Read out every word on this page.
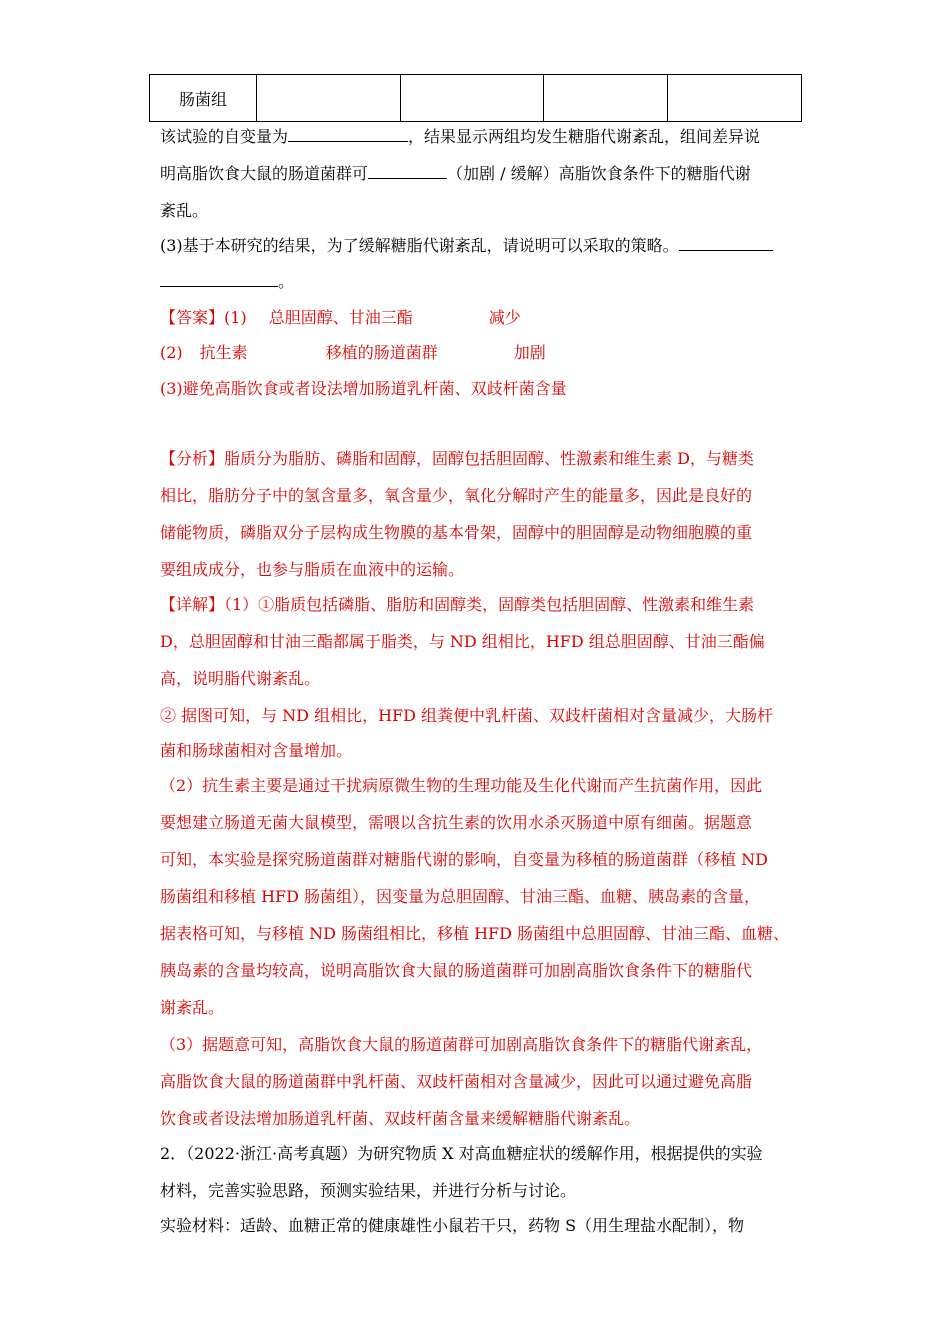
肠菌组				
该试验的自变量为	，结果显示两组均发生糖脂代谢紊乱，组间差异说
明高脂饮食大鼠的肠道菌群可	（加剧 / 缓解）高脂饮食条件下的糖脂代谢
紊乱。
(3)基于本研究的结果，为了缓解糖脂代谢紊乱，请说明可以采取的策略。
。
【答案】(1) 总胆固醇、甘油三酯	减少
(2) 抗生素	移植的肠道菌群	加剧
(3)避免高脂饮食或者设法增加肠道乳杆菌、双歧杆菌含量
【分析】脂质分为脂肪、磷脂和固醇，固醇包括胆固醇、性激素和维生素 D，与糖类
相比，脂肪分子中的氢含量多，氧含量少，氧化分解时产生的能量多，因此是良好的
储能物质，磷脂双分子层构成生物膜的基本骨架，固醇中的胆固醇是动物细胞膜的重
要组成成分，也参与脂质在血液中的运输。
【详解】（1）①脂质包括磷脂、脂肪和固醇类，固醇类包括胆固醇、性激素和维生素
D，总胆固醇和甘油三酯都属于脂类，与 ND 组相比，HFD 组总胆固醇、甘油三酯偏
高，说明脂代谢紊乱。
② 据图可知，与 ND 组相比，HFD 组粪便中乳杆菌、双歧杆菌相对含量减少，大肠杆
菌和肠球菌相对含量增加。
（2）抗生素主要是通过干扰病原微生物的生理功能及生化代谢而产生抗菌作用，因此
要想建立肠道无菌大鼠模型，需喂以含抗生素的饮用水杀灭肠道中原有细菌。据题意
可知，本实验是探究肠道菌群对糖脂代谢的影响，自变量为移植的肠道菌群（移植 ND
肠菌组和移植 HFD 肠菌组），因变量为总胆固醇、甘油三酯、血糖、胰岛素的含量，
据表格可知，与移植 ND 肠菌组相比，移植 HFD 肠菌组中总胆固醇、甘油三酯、血糖、
胰岛素的含量均较高，说明高脂饮食大鼠的肠道菌群可加剧高脂饮食条件下的糖脂代
谢紊乱。
（3）据题意可知，高脂饮食大鼠的肠道菌群可加剧高脂饮食条件下的糖脂代谢紊乱，
高脂饮食大鼠的肠道菌群中乳杆菌、双歧杆菌相对含量减少，因此可以通过避免高脂
饮食或者设法增加肠道乳杆菌、双歧杆菌含量来缓解糖脂代谢紊乱。
2．（2022·浙江·高考真题）为研究物质 X 对高血糖症状的缓解作用，根据提供的实验
材料，完善实验思路，预测实验结果，并进行分析与讨论。
实验材料：适龄、血糖正常的健康雄性小鼠若干只，药物 S（用生理盐水配制），物
